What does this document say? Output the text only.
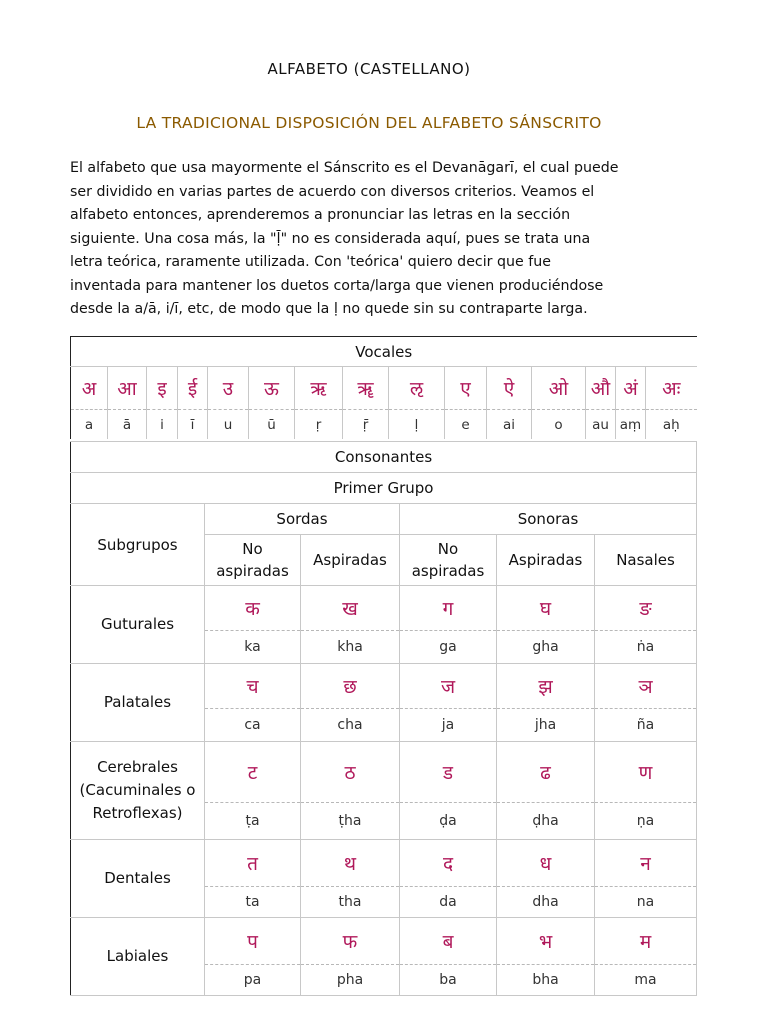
ALFABETO (CASTELLANO)
LA TRADICIONAL DISPOSICIÓN DEL ALFABETO SÁNSCRITO

El alfabeto que usa mayormente el Sánscrito es el Devanāgarī, el cual puede

ser dividido en varias partes de acuerdo con diversos criterios. Veamos el

alfabeto entonces, aprenderemos a pronunciar las letras en la sección

siguiente. Una cosa más, la "ḹ" no es considerada aquí, pues se trata una

letra teórica, raramente utilizada. Con 'teórica' quiero decir que fue

inventada para mantener los duetos corta/larga que vienen produciéndose

desde la a/ā, i/ī, etc, de modo que la ḷ no quede sin su contraparte larga.

Vocales														
अ	आ	इ	ई	उ	ऊ	ऋ	ॠ	ऌ	ए	ऐ	ओ	औ	अं	अः
a	ā	i	ī	u	ū	ṛ	ṝ	ḷ	e	ai	o	au	aṃ	aḥ
Consonantes					
Primer Grupo					
Subgrupos	Sordas		Sonoras		
	No aspiradas	Aspiradas	No aspiradas	Aspiradas	Nasales
Guturales	क	ख	ग	घ	ङ
	ka	kha	ga	gha	ṅa
Palatales	च	छ	ज	झ	ञ
	ca	cha	ja	jha	ña
Cerebrales (Cacuminales o Retroflexas)	ट	ठ	ड	ढ	ण
	ṭa	ṭha	ḍa	ḍha	ṇa
Dentales	त	थ	द	ध	न
	ta	tha	da	dha	na
Labiales	प	फ	ब	भ	म
	pa	pha	ba	bha	ma
